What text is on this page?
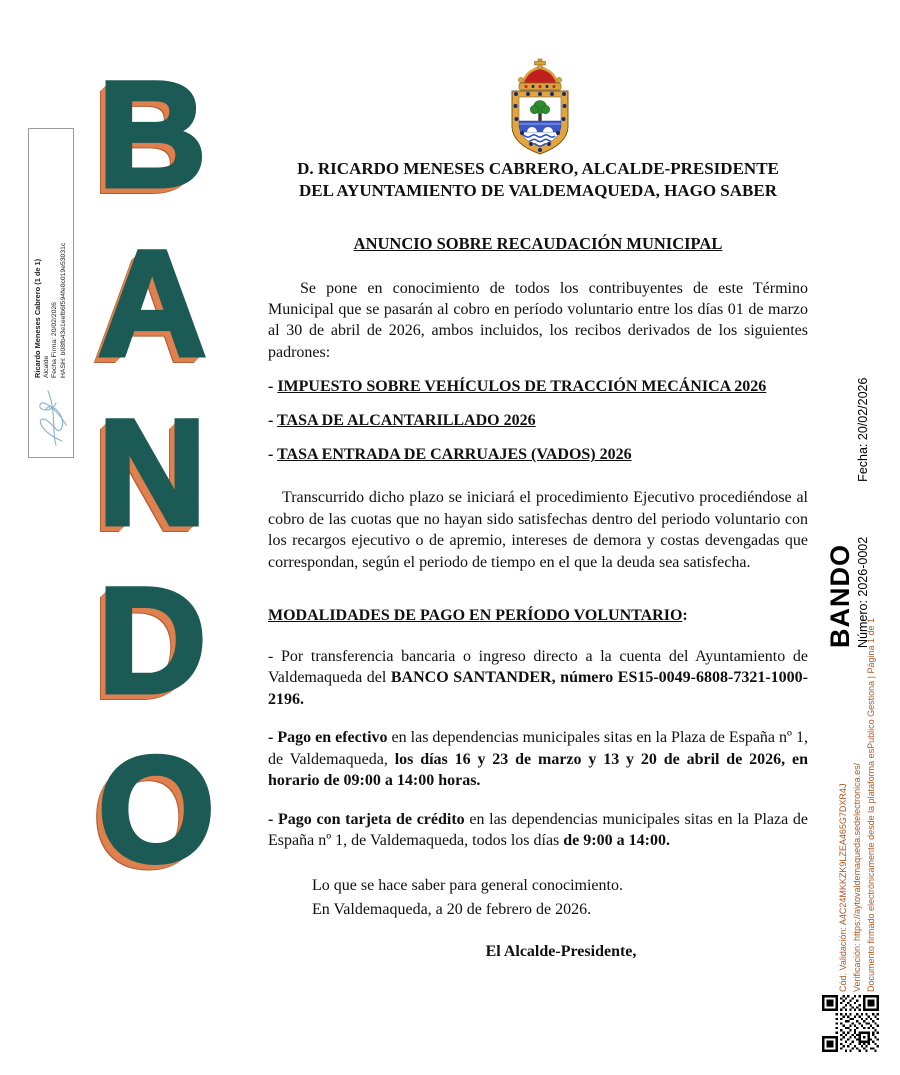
B
A
N
D
O
D. RICARDO MENESES CABRERO, ALCALDE-PRESIDENTE
DEL AYUNTAMIENTO DE VALDEMAQUEDA, HAGO SABER
ANUNCIO SOBRE RECAUDACIÓN MUNICIPAL

Se pone en conocimiento de todos los contribuyentes de este Término Municipal que se pasarán al cobro en período voluntario entre los días 01 de marzo al 30 de abril de 2026, ambos incluidos, los recibos derivados de los siguientes padrones:

- IMPUESTO SOBRE VEHÍCULOS DE TRACCIÓN MECÁNICA 2026
- TASA DE ALCANTARILLADO 2026
- TASA ENTRADA DE CARRUAJES (VADOS) 2026

Transcurrido dicho plazo se iniciará el procedimiento Ejecutivo procediéndose al cobro de las cuotas que no hayan sido satisfechas dentro del periodo voluntario con los recargos ejecutivo o de apremio, intereses de demora y costas devengadas que correspondan, según el periodo de tiempo en el que la deuda sea satisfecha.

MODALIDADES DE PAGO EN PERÍODO VOLUNTARIO:

- Por transferencia bancaria o ingreso directo a la cuenta del Ayuntamiento de Valdemaqueda del BANCO SANTANDER, número ES15-0049-6808-7321-1000-2196.

- Pago en efectivo en las dependencias municipales sitas en la Plaza de España nº 1, de Valdemaqueda, los días 16 y 23 de marzo y 13 y 20 de abril de 2026, en horario de 09:00 a 14:00 horas.

- Pago con tarjeta de crédito en las dependencias municipales sitas en la Plaza de España nº 1, de Valdemaqueda, todos los días de 9:00 a 14:00.

Lo que se hace saber para general conocimiento.
En Valdemaqueda, a 20 de febrero de 2026.
El Alcalde-Presidente,
BANDO Número: 2026-0002
Fecha: 20/02/2026
Ricardo Meneses Cabrero (1 de 1) Alcalde Fecha Firma: 20/02/2026 HASH: b08fb43e1eefb6f594fe0c019e53031c
Cód. Validación: A4C24MKKZK9LZEA465G7DXR4J Verificación: https://aytovaldemaqueda.sedelectronica.es/ Documento firmado electrónicamente desde la plataforma esPublico Gestiona | Página 1 de 1
